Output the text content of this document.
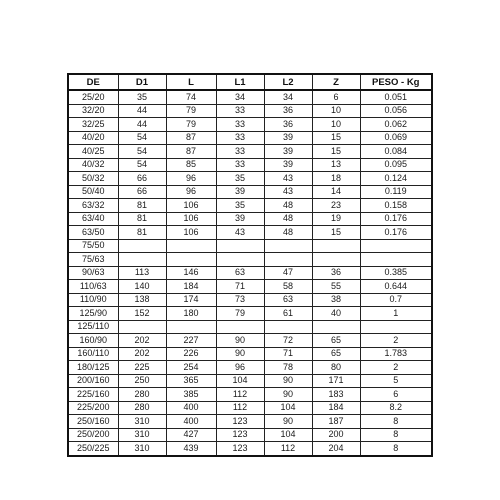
DE	D1	L	L1	L2	Z	PESO - Kg
25/20	35	74	34	34	6	0.051
32/20	44	79	33	36	10	0.056
32/25	44	79	33	36	10	0.062
40/20	54	87	33	39	15	0.069
40/25	54	87	33	39	15	0.084
40/32	54	85	33	39	13	0.095
50/32	66	96	35	43	18	0.124
50/40	66	96	39	43	14	0.119
63/32	81	106	35	48	23	0.158
63/40	81	106	39	48	19	0.176
63/50	81	106	43	48	15	0.176
75/50						
75/63						
90/63	113	146	63	47	36	0.385
110/63	140	184	71	58	55	0.644
110/90	138	174	73	63	38	0.7
125/90	152	180	79	61	40	1
125/110						
160/90	202	227	90	72	65	2
160/110	202	226	90	71	65	1.783
180/125	225	254	96	78	80	2
200/160	250	365	104	90	171	5
225/160	280	385	112	90	183	6
225/200	280	400	112	104	184	8.2
250/160	310	400	123	90	187	8
250/200	310	427	123	104	200	8
250/225	310	439	123	112	204	8
